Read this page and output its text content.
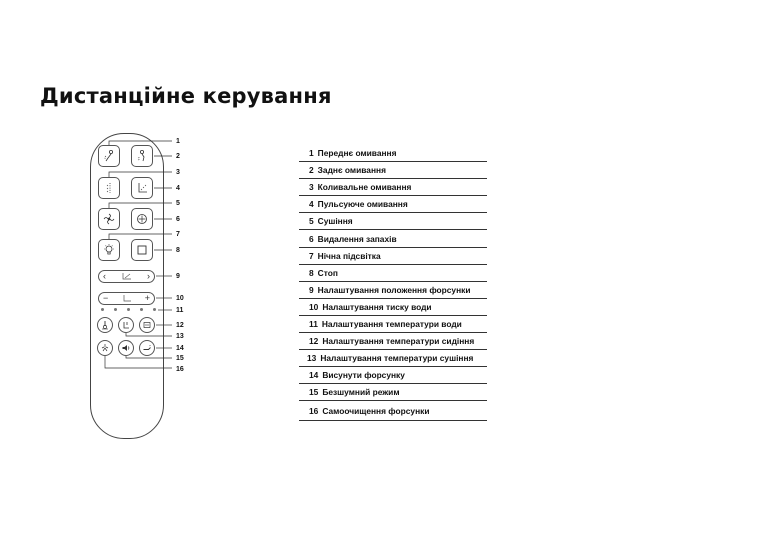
Дистанційне керування
‹	›
−	+
1
2
3
4
5
6
7
8
9
10
11
12
13
14
15
16
1 Переднє омивання
2 Заднє омивання
3 Коливальне омивання
4 Пульсуюче омивання
5 Сушіння
6 Видалення запахів
7 Нічна підсвітка
8 Стоп
9 Налаштування положення форсунки
10 Налаштування тиску води
11 Налаштування температури води
12 Налаштування температури сидіння
13 Налаштування температури сушіння
14 Висунути форсунку
15 Безшумний режим
16 Самоочищення форсунки
